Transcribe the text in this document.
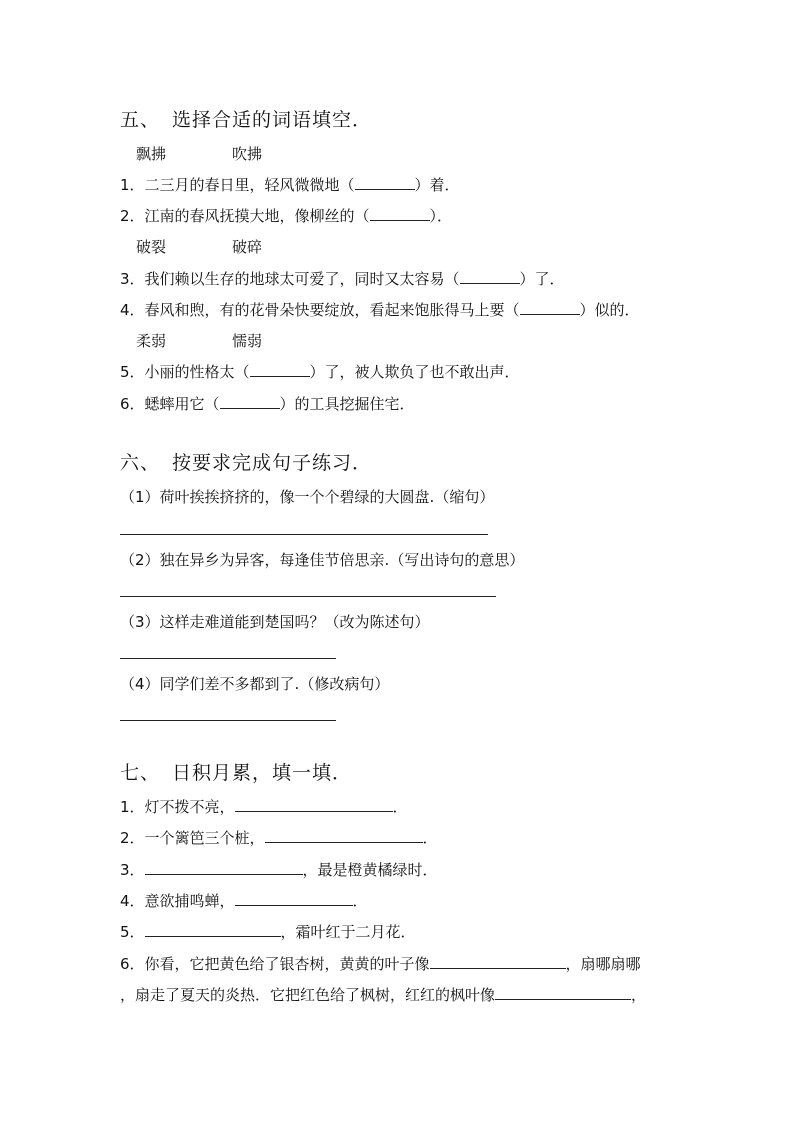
五、 选择合适的词语填空．
飘拂	吹拂
1．二三月的春日里，轻风微微地（	）着．
2．江南的春风抚摸大地，像柳丝的（	）．
破裂	破碎
3．我们赖以生存的地球太可爱了，同时又太容易（	）了．
4．春风和煦，有的花骨朵快要绽放，看起来饱胀得马上要（	）似的．
柔弱	懦弱
5．小丽的性格太（	）了，被人欺负了也不敢出声．
6．蟋蟀用它（	）的工具挖掘住宅．
六、 按要求完成句子练习．
（1）荷叶挨挨挤挤的，像一个个碧绿的大圆盘.（缩句）
（2）独在异乡为异客，每逢佳节倍思亲.（写出诗句的意思）
（3）这样走难道能到楚国吗？（改为陈述句）
（4）同学们差不多都到了.（修改病句）
七、 日积月累，填一填．
1．灯不拨不亮，	．
2．一个篱笆三个桩，	．
3．	，最是橙黄橘绿时．
4．意欲捕鸣蝉，	．
5．	，霜叶红于二月花．
6．你看，它把黄色给了银杏树，黄黄的叶子像	，扇哪扇哪
，扇走了夏天的炎热．它把红色给了枫树，红红的枫叶像	，
